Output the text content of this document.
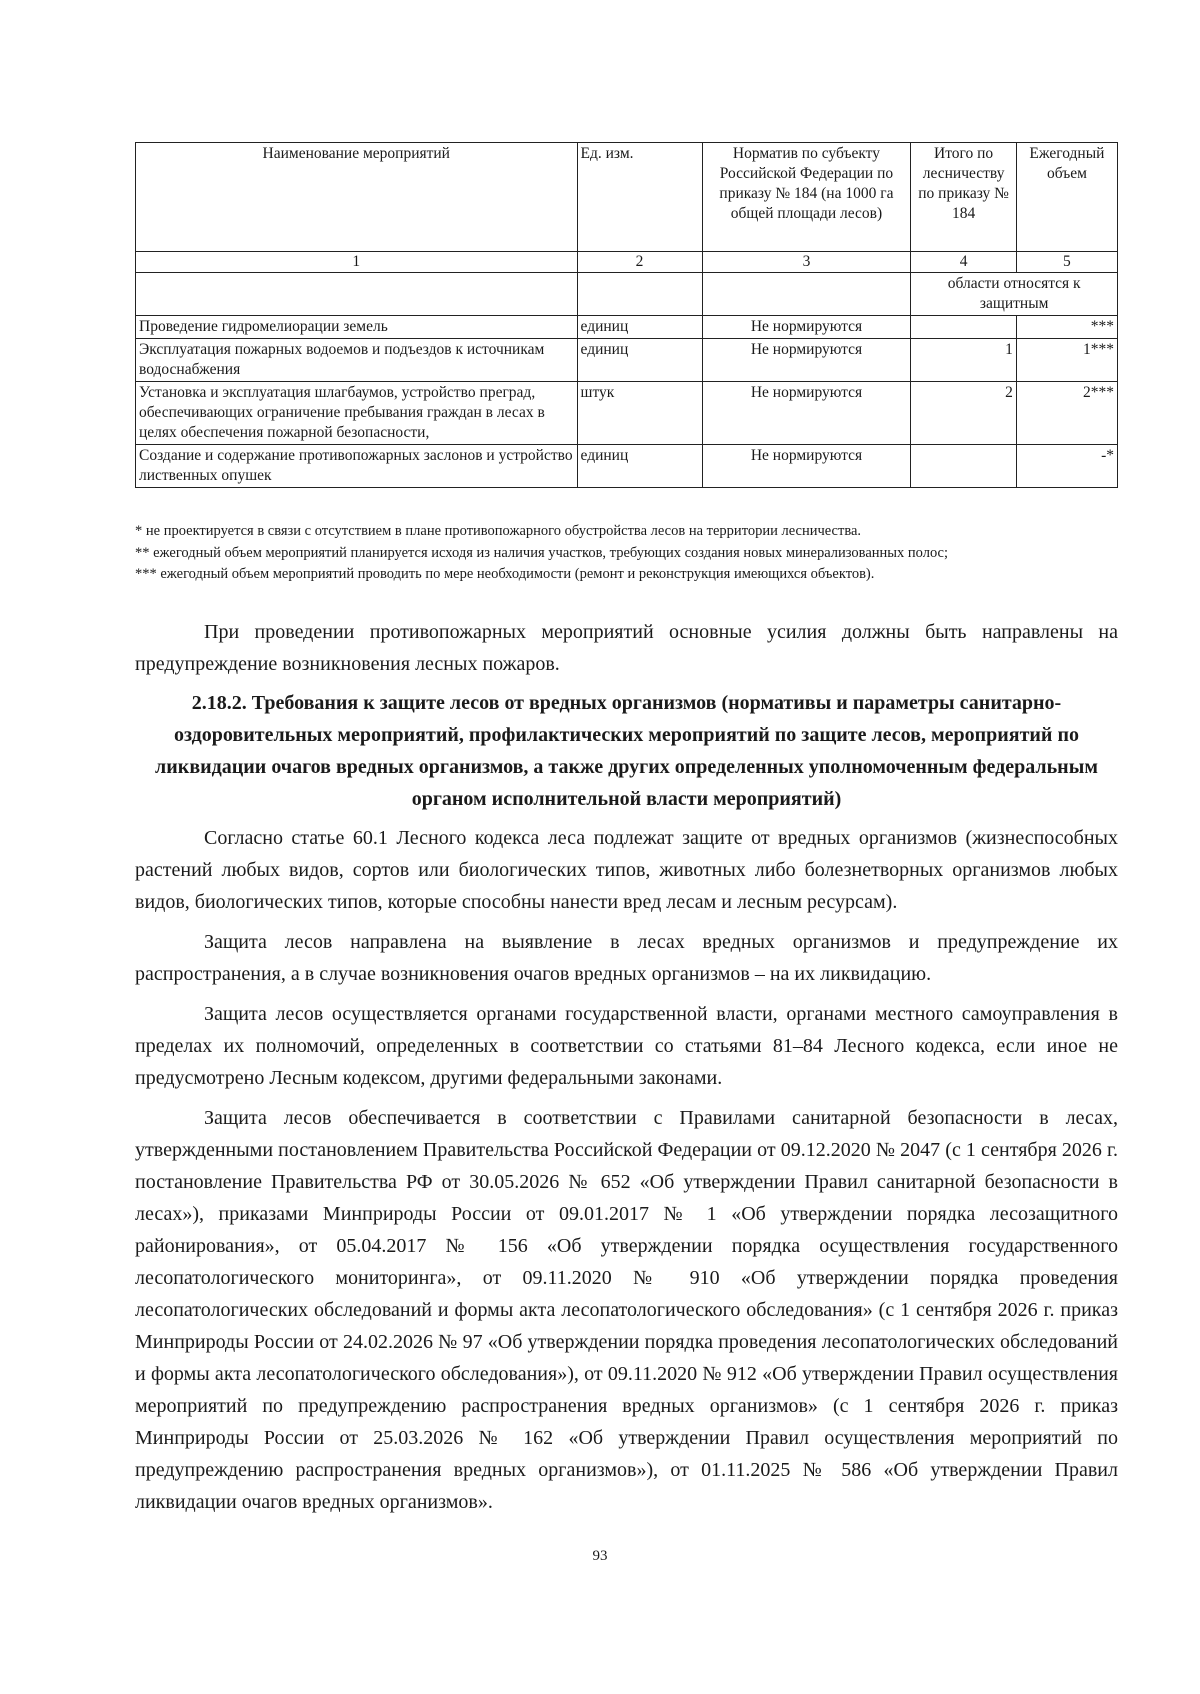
Наименование мероприятий	Ед. изм.	Норматив по субъекту Российской Федерации по приказу № 184 (на 1000 га общей площади лесов)	Итого по лесничеству по приказу № 184	Ежегодный объем
1	2	3	4	5
			области относятся к защитным	
Проведение гидромелиорации земель	единиц	Не нормируются		***
Эксплуатация пожарных водоемов и подъездов к источникам водоснабжения	единиц	Не нормируются	1	1***
Установка и эксплуатация шлагбаумов, устройство преград, обеспечивающих ограничение пребывания граждан в лесах в целях обеспечения пожарной безопасности,	штук	Не нормируются	2	2***
Создание и содержание противопожарных заслонов и устройство лиственных опушек	единиц	Не нормируются		-*

* не проектируется в связи с отсутствием в плане противопожарного обустройства лесов на территории лесничества.

** ежегодный объем мероприятий планируется исходя из наличия участков, требующих создания новых минерализованных полос;

*** ежегодный объем мероприятий проводить по мере необходимости (ремонт и реконструкция имеющихся объектов).

При проведении противопожарных мероприятий основные усилия должны быть направлены на предупреждение возникновения лесных пожаров.

2.18.2. Требования к защите лесов от вредных организмов (нормативы и параметры санитарно-оздоровительных мероприятий, профилактических мероприятий по защите лесов, мероприятий по ликвидации очагов вредных организмов, а также других определенных уполномоченным федеральным органом исполнительной власти мероприятий)

Согласно статье 60.1 Лесного кодекса леса подлежат защите от вредных организмов (жизнеспособных растений любых видов, сортов или биологических типов, животных либо болезнетворных организмов любых видов, биологических типов, которые способны нанести вред лесам и лесным ресурсам).

Защита лесов направлена на выявление в лесах вредных организмов и предупреждение их распространения, а в случае возникновения очагов вредных организмов – на их ликвидацию.

Защита лесов осуществляется органами государственной власти, органами местного самоуправления в пределах их полномочий, определенных в соответствии со статьями 81–84 Лесного кодекса, если иное не предусмотрено Лесным кодексом, другими федеральными законами.

Защита лесов обеспечивается в соответствии с Правилами санитарной безопасности в лесах, утвержденными постановлением Правительства Российской Федерации от 09.12.2020 № 2047 (с 1 сентября 2026 г. постановление Правительства РФ от 30.05.2026 № 652 «Об утверждении Правил санитарной безопасности в лесах»), приказами Минприроды России от 09.01.2017 № 1 «Об утверждении порядка лесозащитного районирования», от 05.04.2017 № 156 «Об утверждении порядка осуществления государственного лесопатологического мониторинга», от 09.11.2020 № 910 «Об утверждении порядка проведения лесопатологических обследований и формы акта лесопатологического обследования» (с 1 сентября 2026 г. приказ Минприроды России от 24.02.2026 № 97 «Об утверждении порядка проведения лесопатологических обследований и формы акта лесопатологического обследования»), от 09.11.2020 № 912 «Об утверждении Правил осуществления мероприятий по предупреждению распространения вредных организмов» (с 1 сентября 2026 г. приказ Минприроды России от 25.03.2026 № 162 «Об утверждении Правил осуществления мероприятий по предупреждению распространения вредных организмов»), от 01.11.2025 № 586 «Об утверждении Правил ликвидации очагов вредных организмов».

93
